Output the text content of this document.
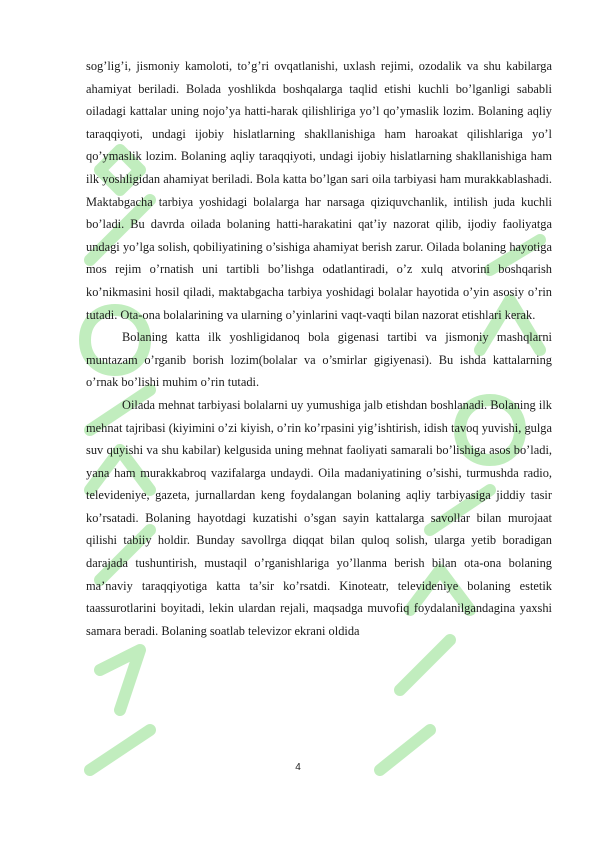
sog’lig’i, jismoniy kamoloti, to’g’ri ovqatlanishi, uxlash rejimi, ozodalik va shu kabilarga ahamiyat beriladi. Bolada yoshlikda boshqalarga taqlid etishi kuchli bo’lganligi sababli oiladagi kattalar uning nojo’ya hatti-harak qilishliriga yo’l qo’ymaslik lozim. Bolaning aqliy taraqqiyoti, undagi ijobiy hislatlarning shakllanishiga ham haroakat qilishlariga yo’l qo’ymaslik lozim. Bolaning aqliy taraqqiyoti, undagi ijobiy hislatlarning shakllanishiga ham ilk yoshligidan ahamiyat beriladi. Bola katta bo’lgan sari oila tarbiyasi ham murakkablashadi. Maktabgacha tarbiya yoshidagi bolalarga har narsaga qiziquvchanlik, intilish juda kuchli bo’ladi. Bu davrda oilada bolaning hatti-harakatini qat’iy nazorat qilib, ijodiy faoliyatga undagi yo’lga solish, qobiliyatining o’sishiga ahamiyat berish zarur. Oilada bolaning hayotiga mos rejim o’rnatish uni tartibli bo’lishga odatlantiradi, o’z xulq atvorini boshqarish ko’nikmasini hosil qiladi, maktabgacha tarbiya yoshidagi bolalar hayotida o’yin asosiy o’rin tutadi. Ota-ona bolalarining va ularning o’yinlarini vaqt-vaqti bilan nazorat etishlari kerak.

Bolaning katta ilk yoshligidanoq bola gigenasi tartibi va jismoniy mashqlarni muntazam o’rganib borish lozim(bolalar va o’smirlar gigiyenasi). Bu ishda kattalarning o’rnak bo’lishi muhim o’rin tutadi.

Oilada mehnat tarbiyasi bolalarni uy yumushiga jalb etishdan boshlanadi. Bolaning ilk mehnat tajribasi (kiyimini o’zi kiyish, o’rin ko’rpasini yig’ishtirish, idish tavoq yuvishi, gulga suv quyishi va shu kabilar) kelgusida uning mehnat faoliyati samarali bo’lishiga asos bo’ladi, yana ham murakkabroq vazifalarga undaydi. Oila madaniyatining o’sishi, turmushda radio, televideniye, gazeta, jurnallardan keng foydalangan bolaning aqliy tarbiyasiga jiddiy tasir ko’rsatadi. Bolaning hayotdagi kuzatishi o’sgan sayin kattalarga savollar bilan murojaat qilishi tabiiy holdir. Bunday savollrga diqqat bilan quloq solish, ularga yetib boradigan darajada tushuntirish, mustaqil o’rganishlariga yo’llanma berish bilan ota-ona bolaning ma’naviy taraqqiyotiga katta ta’sir ko’rsatdi. Kinoteatr, televideniye bolaning estetik taassurotlarini boyitadi, lekin ulardan rejali, maqsadga muvofiq foydalanilgandagina yaxshi samara beradi. Bolaning soatlab televizor ekrani oldida

4
